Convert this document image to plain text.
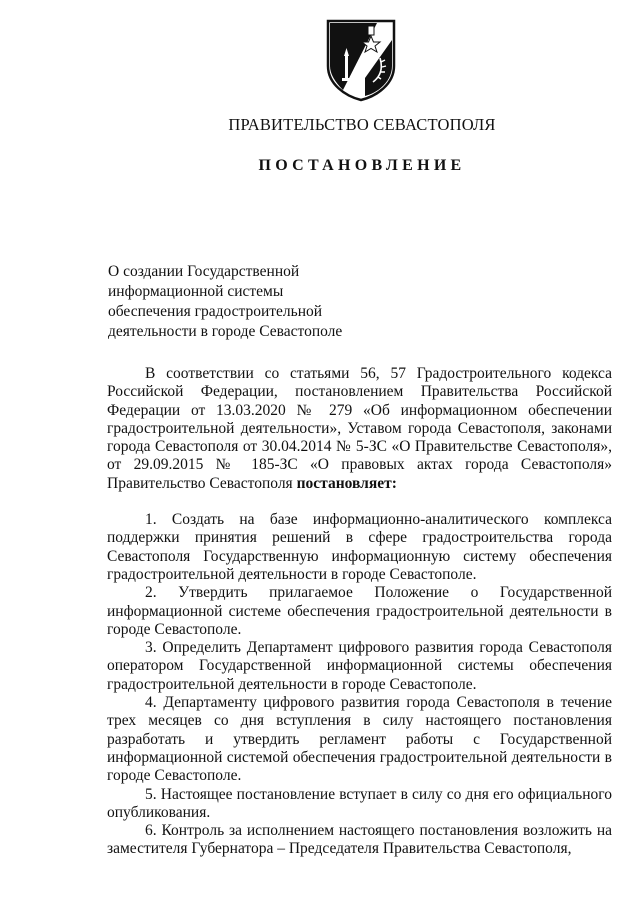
ПРАВИТЕЛЬСТВО СЕВАСТОПОЛЯ
ПОСТАНОВЛЕНИЕ
О создании Государственной
информационной системы
обеспечения градостроительной
деятельности в городе Севастополе

В соответствии со статьями 56, 57 Градостроительного кодекса Российской Федерации, постановлением Правительства Российской Федерации от 13.03.2020 № 279 «Об информационном обеспечении градостроительной деятельности», Уставом города Севастополя, законами города Севастополя от 30.04.2014 № 5-ЗС «О Правительстве Севастополя», от 29.09.2015 № 185-ЗС «О правовых актах города Севастополя» Правительство Севастополя постановляет:

1. Создать на базе информационно-аналитического комплекса поддержки принятия решений в сфере градостроительства города Севастополя Государственную информационную систему обеспечения градостроительной деятельности в городе Севастополе.

2. Утвердить прилагаемое Положение о Государственной информационной системе обеспечения градостроительной деятельности в городе Севастополе.

3. Определить Департамент цифрового развития города Севастополя оператором Государственной информационной системы обеспечения градостроительной деятельности в городе Севастополе.

4. Департаменту цифрового развития города Севастополя в течение трех месяцев со дня вступления в силу настоящего постановления разработать и утвердить регламент работы с Государственной информационной системой обеспечения градостроительной деятельности в городе Севастополе.

5. Настоящее постановление вступает в силу со дня его официального опубликования.

6. Контроль за исполнением настоящего постановления возложить на заместителя Губернатора – Председателя Правительства Севастополя,
